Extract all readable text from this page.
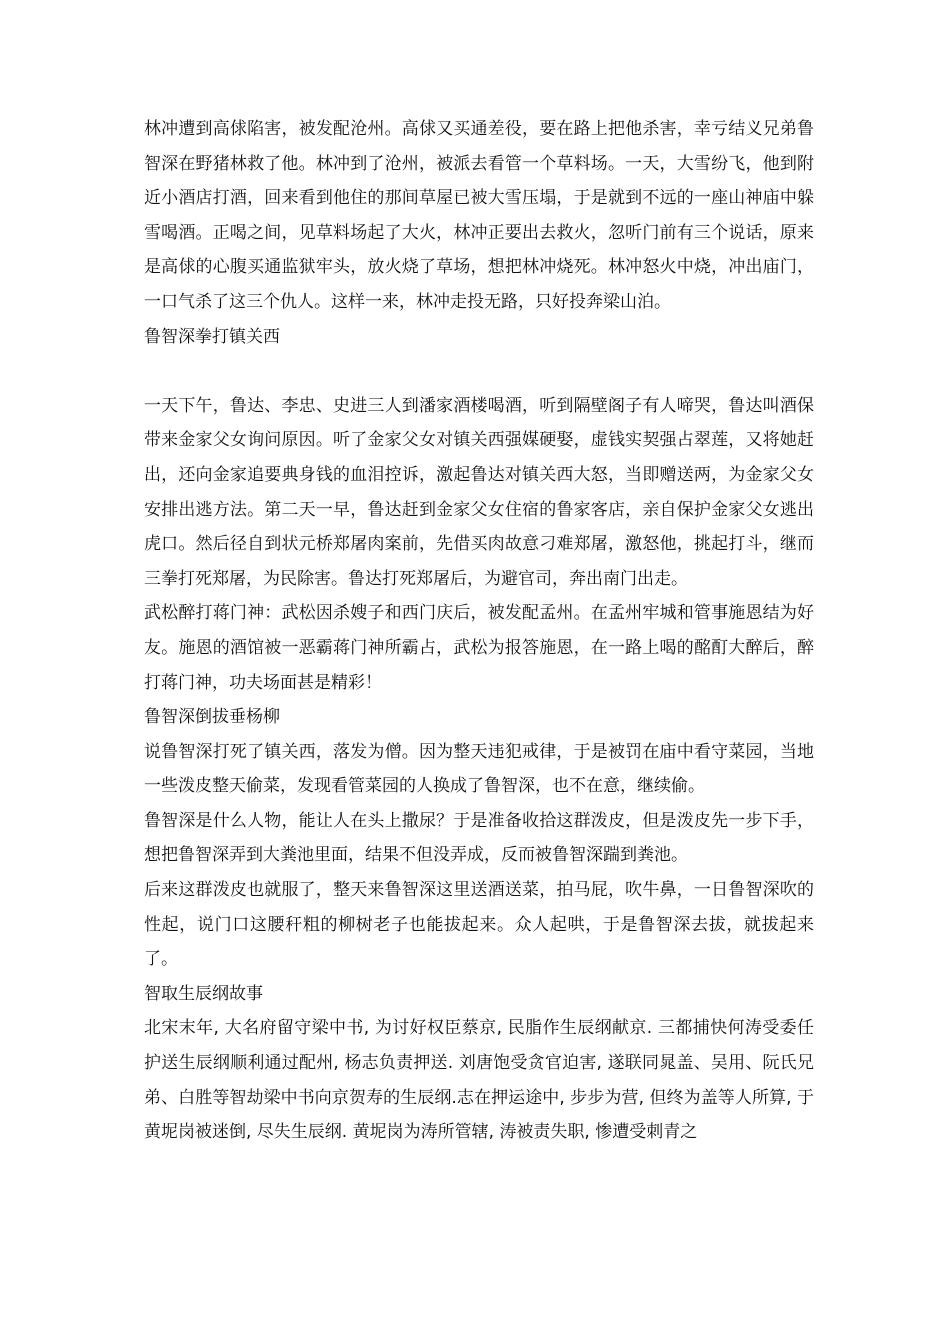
林冲遭到高俅陷害，被发配沧州。高俅又买通差役，要在路上把他杀害，幸亏结义兄弟鲁智深在野猪林救了他。林冲到了沧州，被派去看管一个草料场。一天，大雪纷飞，他到附近小酒店打酒，回来看到他住的那间草屋已被大雪压塌，于是就到不远的一座山神庙中躲雪喝酒。正喝之间，见草料场起了大火，林冲正要出去救火，忽听门前有三个说话，原来是高俅的心腹买通监狱牢头，放火烧了草场，想把林冲烧死。林冲怒火中烧，冲出庙门，一口气杀了这三个仇人。这样一来，林冲走投无路，只好投奔梁山泊。

鲁智深拳打镇关西

一天下午，鲁达、李忠、史进三人到潘家酒楼喝酒，听到隔壁阁子有人啼哭，鲁达叫酒保带来金家父女询问原因。听了金家父女对镇关西强媒硬娶，虚钱实契强占翠莲，又将她赶出，还向金家追要典身钱的血泪控诉，激起鲁达对镇关西大怒，当即赠送两，为金家父女安排出逃方法。第二天一早，鲁达赶到金家父女住宿的鲁家客店，亲自保护金家父女逃出虎口。然后径自到状元桥郑屠肉案前，先借买肉故意刁难郑屠，激怒他，挑起打斗，继而三拳打死郑屠，为民除害。鲁达打死郑屠后，为避官司，奔出南门出走。

武松醉打蒋门神：武松因杀嫂子和西门庆后，被发配孟州。在孟州牢城和管事施恩结为好友。施恩的酒馆被一恶霸蒋门神所霸占，武松为报答施恩，在一路上喝的酩酊大醉后，醉打蒋门神，功夫场面甚是精彩！

鲁智深倒拔垂杨柳

说鲁智深打死了镇关西，落发为僧。因为整天违犯戒律，于是被罚在庙中看守菜园，当地一些泼皮整天偷菜，发现看管菜园的人换成了鲁智深，也不在意，继续偷。

鲁智深是什么人物，能让人在头上撒尿？于是准备收拾这群泼皮，但是泼皮先一步下手，想把鲁智深弄到大粪池里面，结果不但没弄成，反而被鲁智深踹到粪池。

后来这群泼皮也就服了，整天来鲁智深这里送酒送菜，拍马屁，吹牛鼻，一日鲁智深吹的性起，说门口这腰秆粗的柳树老子也能拔起来。众人起哄，于是鲁智深去拔，就拔起来了。

智取生辰纲故事

北宋末年, 大名府留守梁中书, 为讨好权臣蔡京, 民脂作生辰纲献京. 三都捕快何涛受委任护送生辰纲顺利通过配州, 杨志负责押送. 刘唐饱受贪官迫害, 遂联同晁盖、吴用、阮氏兄弟、白胜等智劫梁中书向京贺寿的生辰纲.志在押运途中, 步步为营, 但终为盖等人所算, 于黄坭岗被迷倒, 尽失生辰纲. 黄坭岗为涛所管辖, 涛被责失职, 惨遭受刺青之
